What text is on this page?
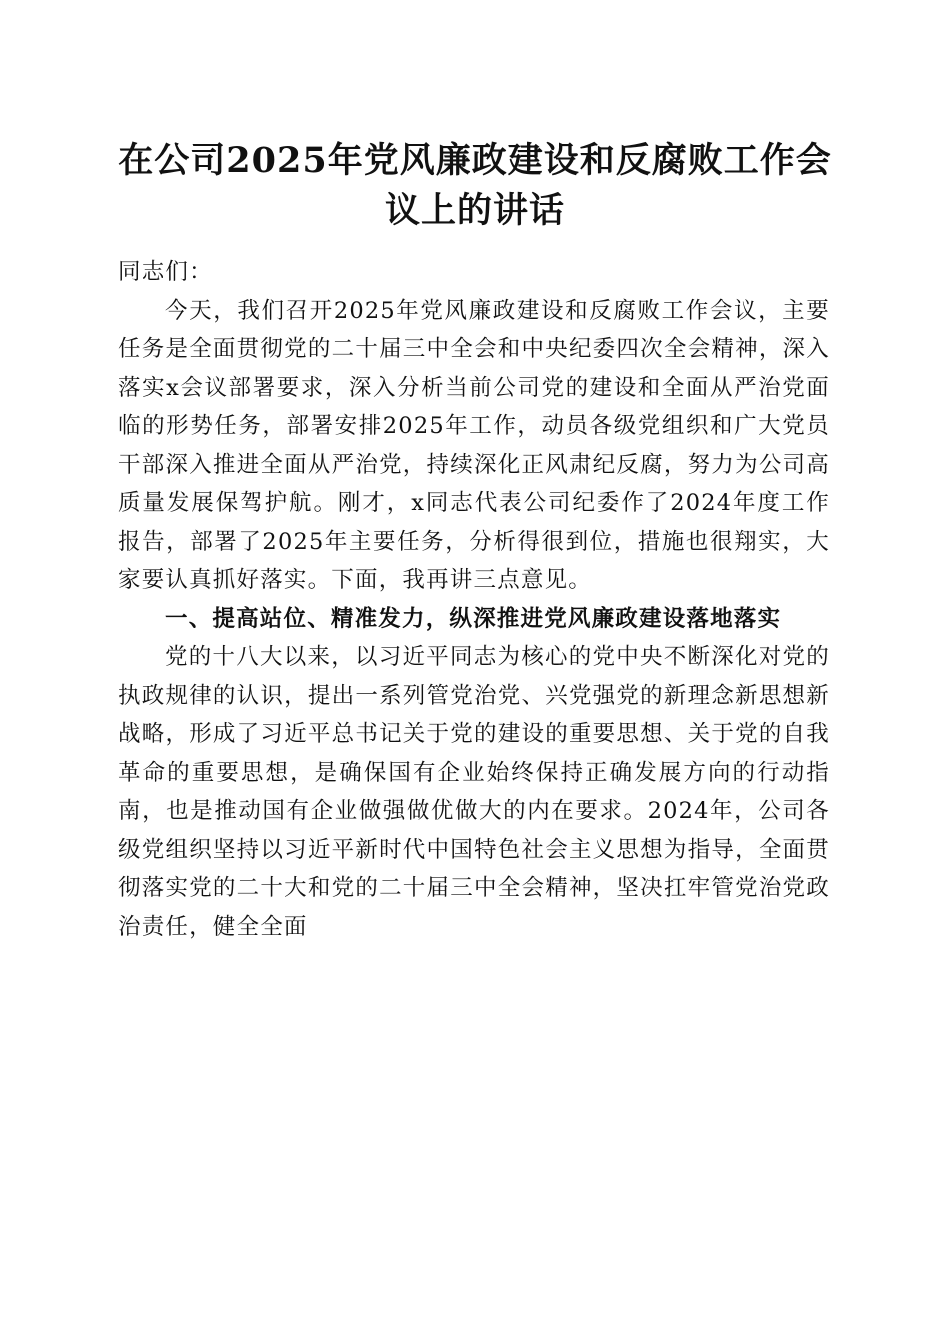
在公司2025年党风廉政建设和反腐败工作会议上的讲话

同志们：

今天，我们召开2025年党风廉政建设和反腐败工作会议，主要任务是全面贯彻党的二十届三中全会和中央纪委四次全会精神，深入落实x会议部署要求，深入分析当前公司党的建设和全面从严治党面临的形势任务，部署安排2025年工作，动员各级党组织和广大党员干部深入推进全面从严治党，持续深化正风肃纪反腐，努力为公司高质量发展保驾护航。刚才，x同志代表公司纪委作了2024年度工作报告，部署了2025年主要任务，分析得很到位，措施也很翔实，大家要认真抓好落实。下面，我再讲三点意见。

一、提高站位、精准发力，纵深推进党风廉政建设落地落实

党的十八大以来，以习近平同志为核心的党中央不断深化对党的执政规律的认识，提出一系列管党治党、兴党强党的新理念新思想新战略，形成了习近平总书记关于党的建设的重要思想、关于党的自我革命的重要思想，是确保国有企业始终保持正确发展方向的行动指南，也是推动国有企业做强做优做大的内在要求。2024年，公司各级党组织坚持以习近平新时代中国特色社会主义思想为指导，全面贯彻落实党的二十大和党的二十届三中全会精神，坚决扛牢管党治党政治责任，健全全面
